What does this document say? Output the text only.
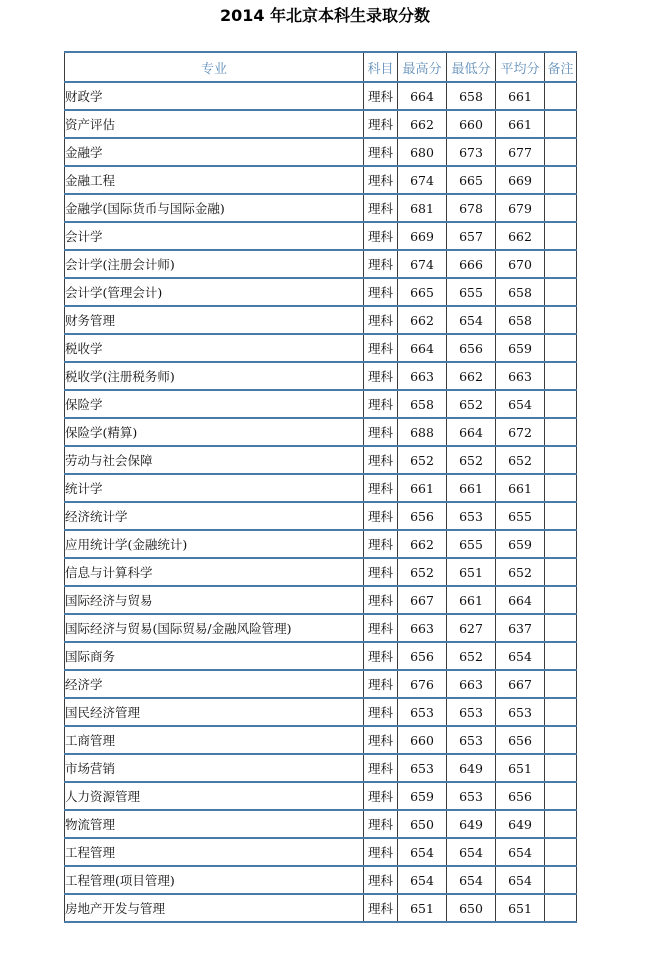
2014 年北京本科生录取分数
专业	科目	最高分	最低分	平均分	备注
财政学	理科	664	658	661	
资产评估	理科	662	660	661	
金融学	理科	680	673	677	
金融工程	理科	674	665	669	
金融学(国际货币与国际金融)	理科	681	678	679	
会计学	理科	669	657	662	
会计学(注册会计师)	理科	674	666	670	
会计学(管理会计)	理科	665	655	658	
财务管理	理科	662	654	658	
税收学	理科	664	656	659	
税收学(注册税务师)	理科	663	662	663	
保险学	理科	658	652	654	
保险学(精算)	理科	688	664	672	
劳动与社会保障	理科	652	652	652	
统计学	理科	661	661	661	
经济统计学	理科	656	653	655	
应用统计学(金融统计)	理科	662	655	659	
信息与计算科学	理科	652	651	652	
国际经济与贸易	理科	667	661	664	
国际经济与贸易(国际贸易/金融风险管理)	理科	663	627	637	
国际商务	理科	656	652	654	
经济学	理科	676	663	667	
国民经济管理	理科	653	653	653	
工商管理	理科	660	653	656	
市场营销	理科	653	649	651	
人力资源管理	理科	659	653	656	
物流管理	理科	650	649	649	
工程管理	理科	654	654	654	
工程管理(项目管理)	理科	654	654	654	
房地产开发与管理	理科	651	650	651	
